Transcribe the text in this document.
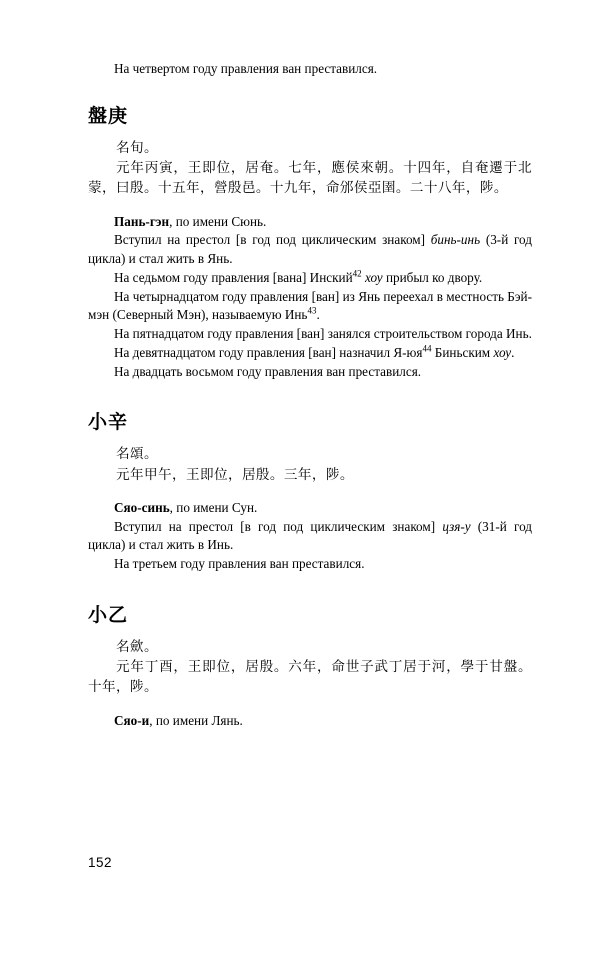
На четвертом году правления ван преставился.

盤庚

名旬。

元年丙寅，王即位，居奄。七年，應侯來朝。十四年，自奄遷于北蒙，曰殷。十五年，營殷邑。十九年，命邠侯亞圉。二十八年，陟。

Пань-гэн, по имени Сюнь.

Вступил на престол [в год под циклическим знаком] бинь-инь (3-й год цикла) и стал жить в Янь.

На седьмом году правления [вана] Инский$^{42}$ хоу прибыл ко двору.

На четырнадцатом году правления [ван] из Янь переехал в местность Бэй-мэн (Северный Мэн), называемую Инь$^{43}$.

На пятнадцатом году правления [ван] занялся строительством города Инь.

На девятнадцатом году правления [ван] назначил Я-юя$^{44}$ Биньским хоу.

На двадцать восьмом году правления ван преставился.

小辛

名頌。

元年甲午，王即位，居殷。三年，陟。

Сяо-синь, по имени Сун.

Вступил на престол [в год под циклическим знаком] цзя-у (31-й год цикла) и стал жить в Инь.

На третьем году правления ван преставился.

小乙

名歛。

元年丁酉，王即位，居殷。六年，命世子武丁居于河，學于甘盤。十年，陟。

Сяо-и, по имени Лянь.

152
